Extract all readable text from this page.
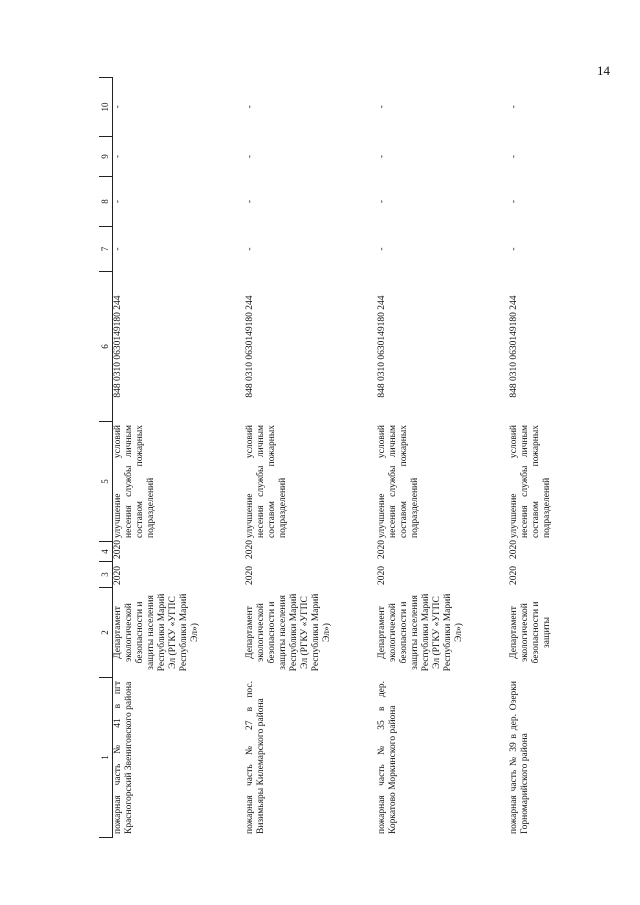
14
1	2	3	4	5	6	7	8	9	10
пожарная часть № 41 в пгт Красногорский Звениговского района	Департамент экологической безопасности и защиты населения Республики Марий Эл (РГКУ «УГПС Республики Марий Эл»)	2020	2020	улучшение условий несения службы личным составом пожарных подразделений	848 0310 0630149180 244	-	-	-	-
пожарная часть № 27 в пос. Визимьяры Килемарского района	Департамент экологической безопасности и защиты населения Республики Марий Эл (РГКУ «УГПС Республики Марий Эл»)	2020	2020	улучшение условий несения службы личным составом пожарных подразделений	848 0310 0630149180 244	-	-	-	-
пожарная часть № 35 в дер. Коркатово Моркинского района	Департамент экологической безопасности и защиты населения Республики Марий Эл (РГКУ «УГПС Республики Марий Эл»)	2020	2020	улучшение условий несения службы личным составом пожарных подразделений	848 0310 0630149180 244	-	-	-	-
пожарная часть № 39 в дер. Озерки Горномарийского района	Департамент экологической безопасности и защиты	2020	2020	улучшение условий несения службы личным составом пожарных подразделений	848 0310 0630149180 244	-	-	-	-
